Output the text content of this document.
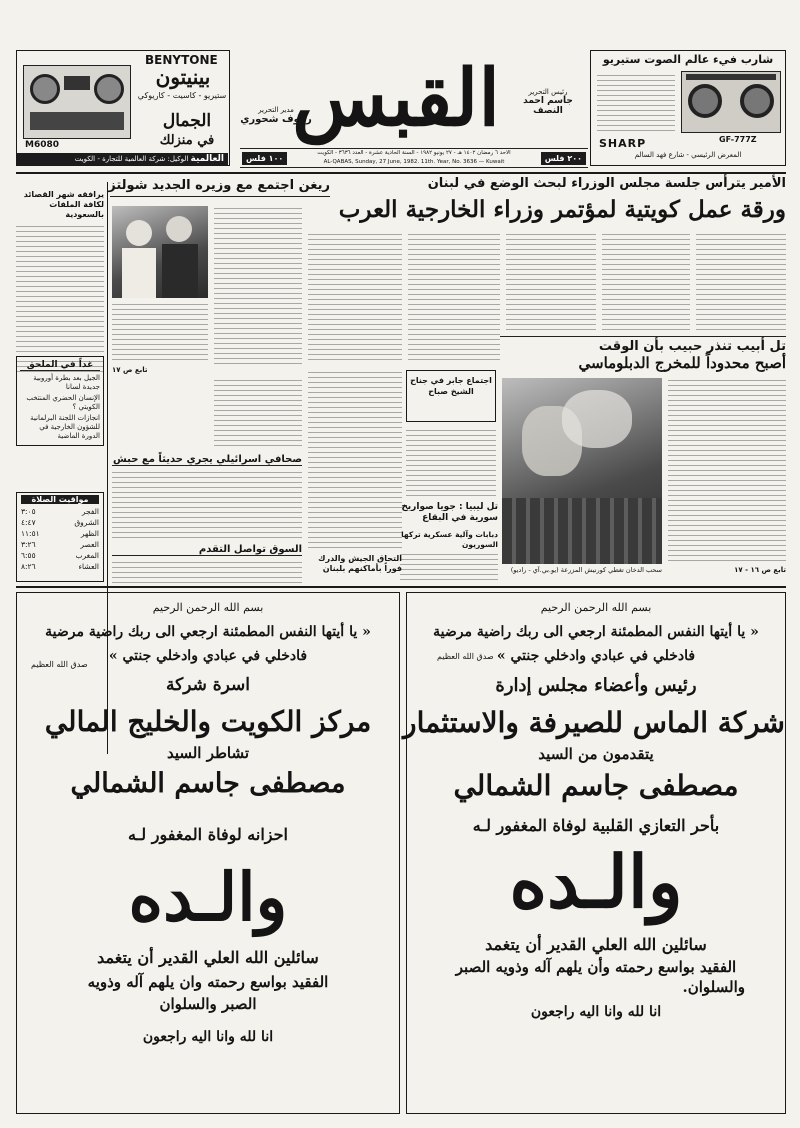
BENYTONE
بينيتون
ستيريو - كاسيت - كاريوكي
M6080
الجمال
في منزلك
العالمية الوكيل: شركة العالمية للتجارة - الكويت
مدير التحرير
رؤوف شحوري
القبس	رئيس التحرير
جاسم احمد النصف
شارب فيء عالم الصوت ستيريو
GF-777Z
SHARP
المعرض الرئيسي - شارع فهد السالم
١٠٠ فلس
الاحد ٦ رمضان ١٤٠٢ هـ - ٢٧ يونيو ١٩٨٢ - السنة الحادية عشرة - العدد ٣٦٣٦ - الكويت
AL-QABAS, Sunday, 27 June, 1982. 11th. Year, No. 3636 — Kuwait	٢٠٠ فلس
الأمير يترأس جلسة مجلس الوزراء لبحث الوضع في لبنان
ورقة عمل كويتية لمؤتمر وزراء الخارجية العرب
ريغن اجتمع مع وزيره الجديد شولتز
يرافقه شهر القصائد لكافة الملفات بالسعودية
تابع ص ١٧
تل أبيب تنذر حبيب بأن الوقت
أصبح محدوداً للمخرج الدبلوماسي
اجتماع جابر في جناح الشيخ صباح
صحافي اسرائيلي يجري حديثاً مع حبش
تل ليبيا : جويا صواريخ سورية في البقاع
دبابات وآلية عسكرية تركها السوريون
سحب الدخان تغطي كورنيش المزرعة (يو.بي.آي - رادیو)	تابع ص ١٦ - ١٧
السوق تواصل التقدم
التحاق الجيش والدرك فوراً بأماكنهم بلبنان
غداً في الملحق
الجيل بعد بطرة أوروبية جديدة لسانا
الإنسان الحضري المنتخب الكويتي ؟
انجازات اللجنة البرلمانية للشؤون الخارجية في الدورة الماضية
مواقيت الصلاة
الفجر
٣:٠٥
الشروق
٤:٤٧
الظهر
١١:٥١
العصر
٣:٢٦
المغرب
٦:٥٥
العشاء
٨:٢٦
بسم الله الرحمن الرحيم
« يا أيتها النفس المطمئنة ارجعي الى ربك راضية مرضية
فادخلي في عبادي وادخلي جنتي »
صدق الله العظيم
رئيس وأعضاء مجلس إدارة
شركة الماس للصيرفة والاستثمار
يتقدمون من السيد
مصطفى جاسم الشمالي
بأحر التعازي القلبية لوفاة المغفور لـه
والـده
سائلين الله العلي القدير أن يتغمد
الفقيد بواسع رحمته وأن يلهم آله وذويه الصبر
والسلوان.
انا لله وانا اليه راجعون
بسم الله الرحمن الرحيم
« يا أيتها النفس المطمئنة ارجعي الى ربك راضية مرضية
فادخلي في عبادي وادخلي جنتي »
صدق الله العظيم
اسرة شركة
مركز الكويت والخليج المالي
تشاطر السيد
مصطفى جاسم الشمالي
احزانه لوفاة المغفور لـه
والـده
سائلين الله العلي القدير أن يتغمد
الفقيد بواسع رحمته وان يلهم آله وذويه
الصبر والسلوان
انا لله وانا اليه راجعون
